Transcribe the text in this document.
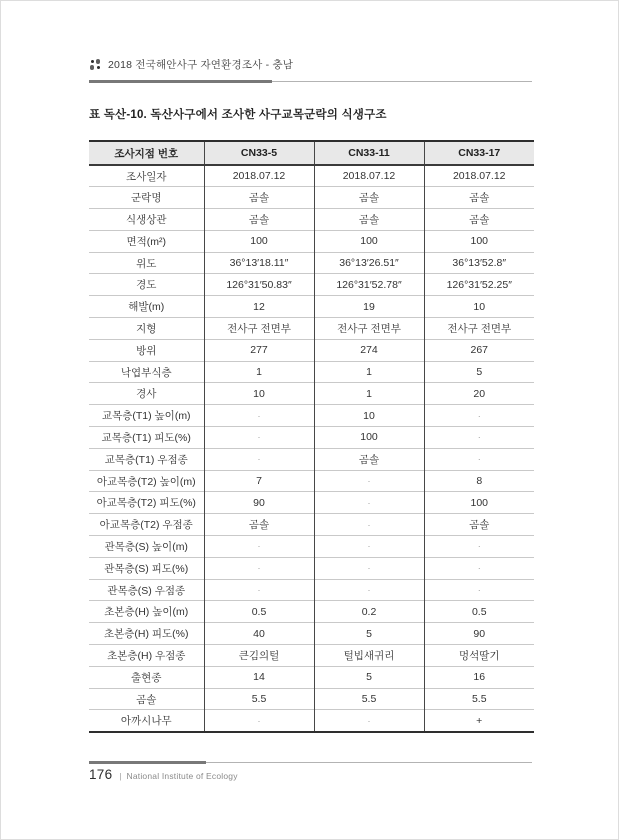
2018 전국해안사구 자연환경조사 - 충남
표 독산-10. 독산사구에서 조사한 사구교목군락의 식생구조
조사지점 번호	CN33-5	CN33-11	CN33-17
조사일자	2018.07.12	2018.07.12	2018.07.12
군락명	곰솔	곰솔	곰솔
식생상관	곰솔	곰솔	곰솔
면적(m²)	100	100	100
위도	36°13′18.11″	36°13′26.51″	36°13′52.8″
경도	126°31′50.83″	126°31′52.78″	126°31′52.25″
해발(m)	12	19	10
지형	전사구 전면부	전사구 전면부	전사구 전면부
방위	277	274	267
낙엽부식층	1	1	5
경사	10	1	20
교목층(T1) 높이(m)	·	10	·
교목층(T1) 피도(%)	·	100	·
교목층(T1) 우점종	·	곰솔	·
아교목층(T2) 높이(m)	7	·	8
아교목층(T2) 피도(%)	90	·	100
아교목층(T2) 우점종	곰솔	·	곰솔
관목층(S) 높이(m)	·	·	·
관목층(S) 피도(%)	·	·	·
관목층(S) 우점종	·	·	·
초본층(H) 높이(m)	0.5	0.2	0.5
초본층(H) 피도(%)	40	5	90
초본층(H) 우점종	큰김의털	털빕새귀리	멍석딸기
출현종	14	5	16
곰솔	5.5	5.5	5.5
아까시나무	·	·	+
176 | National Institute of Ecology
